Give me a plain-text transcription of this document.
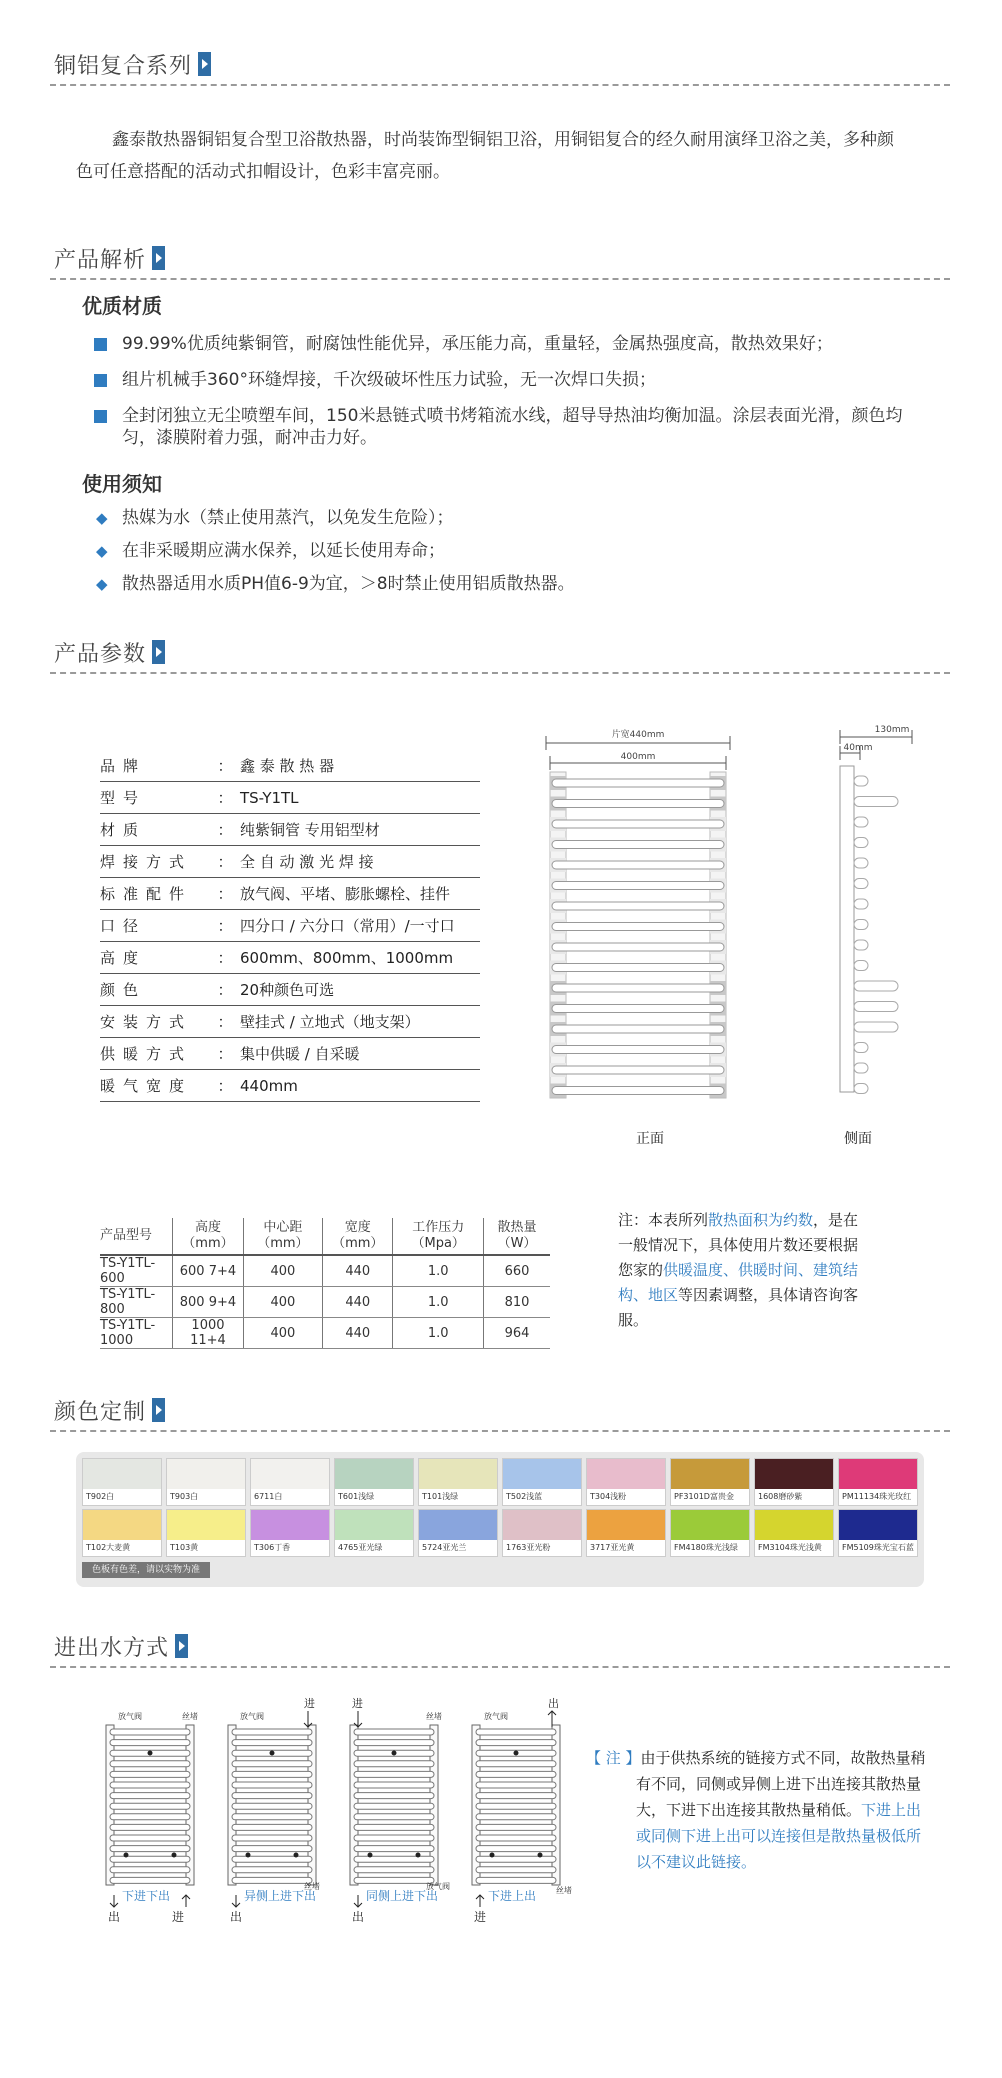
铜铝复合系列

鑫泰散热器铜铝复合型卫浴散热器，时尚装饰型铜铝卫浴，用铜铝复合的经久耐用演绎卫浴之美，多种颜色可任意搭配的活动式扣帽设计，色彩丰富亮丽。

产品解析
优质材质
99.99%优质纯紫铜管，耐腐蚀性能优异，承压能力高，重量轻，金属热强度高，散热效果好；
组片机械手360°环缝焊接，千次级破坏性压力试验，无一次焊口失损；
全封闭独立无尘喷塑车间，150米悬链式喷书烤箱流水线，超导导热油均衡加温。涂层表面光滑，颜色均匀，漆膜附着力强，耐冲击力好。
使用须知
◆ 热媒为水（禁止使用蒸汽，以免发生危险）；
◆ 在非采暖期应满水保养，以延长使用寿命；
◆ 散热器适用水质PH值6-9为宜，＞8时禁止使用铝质散热器。
产品参数
品牌	： 鑫 泰 散 热 器
型号	： TS-Y1TL
材质	： 纯紫铜管 专用铝型材
焊接方式	： 全 自 动 激 光 焊 接
标准配件	： 放气阀、平堵、膨胀螺栓、挂件
口径	： 四分口 / 六分口（常用）/一寸口
高度	： 600mm、800mm、1000mm
颜色	： 20种颜色可选
安装方式	： 壁挂式 / 立地式（地支架）
供暖方式	： 集中供暖 / 自采暖
暖气宽度	： 440mm
片宽440mm
400mm
130mm
40mm
正面	侧面
产品型号	高度（mm）	中心距（mm）	宽度（mm）	工作压力（Mpa）	散热量（W）
TS-Y1TL-600	600 7+4	400	440	1.0	660
TS-Y1TL-800	800 9+4	400	440	1.0	810
TS-Y1TL-1000	1000 11+4	400	440	1.0	964
注：本表所列散热面积为约数，是在一般情况下，具体使用片数还要根据您家的供暖温度、供暖时间、建筑结构、地区等因素调整，具体请咨询客服。
颜色定制
T902白	T903白	6711白	T601浅绿	T101浅绿	T502浅蓝	T304浅粉	PF3101D富贵金	1608磨砂紫	PM11134珠光玫红
T102大麦黄	T103黄	T306丁香	4765亚光绿	5724亚光兰	1763亚光粉	3717亚光黄	FM4180珠光浅绿	FM3104珠光浅黄	FM5109珠光宝石蓝
色板有色差，请以实物为准
进出水方式
放气阀	丝堵
下进下出
出	进
放气阀
进
异侧上进下出
出
丝堵
进
丝堵
同侧上进下出
出
放气阀
放气阀
出
下进上出
进
丝堵
【 注 】由于供热系统的链接方式不同，故散热量稍有不同，同侧或异侧上进下出连接其散热量大，下进下出连接其散热量稍低。下进上出或同侧下进上出可以连接但是散热量极低所以不建议此链接。
